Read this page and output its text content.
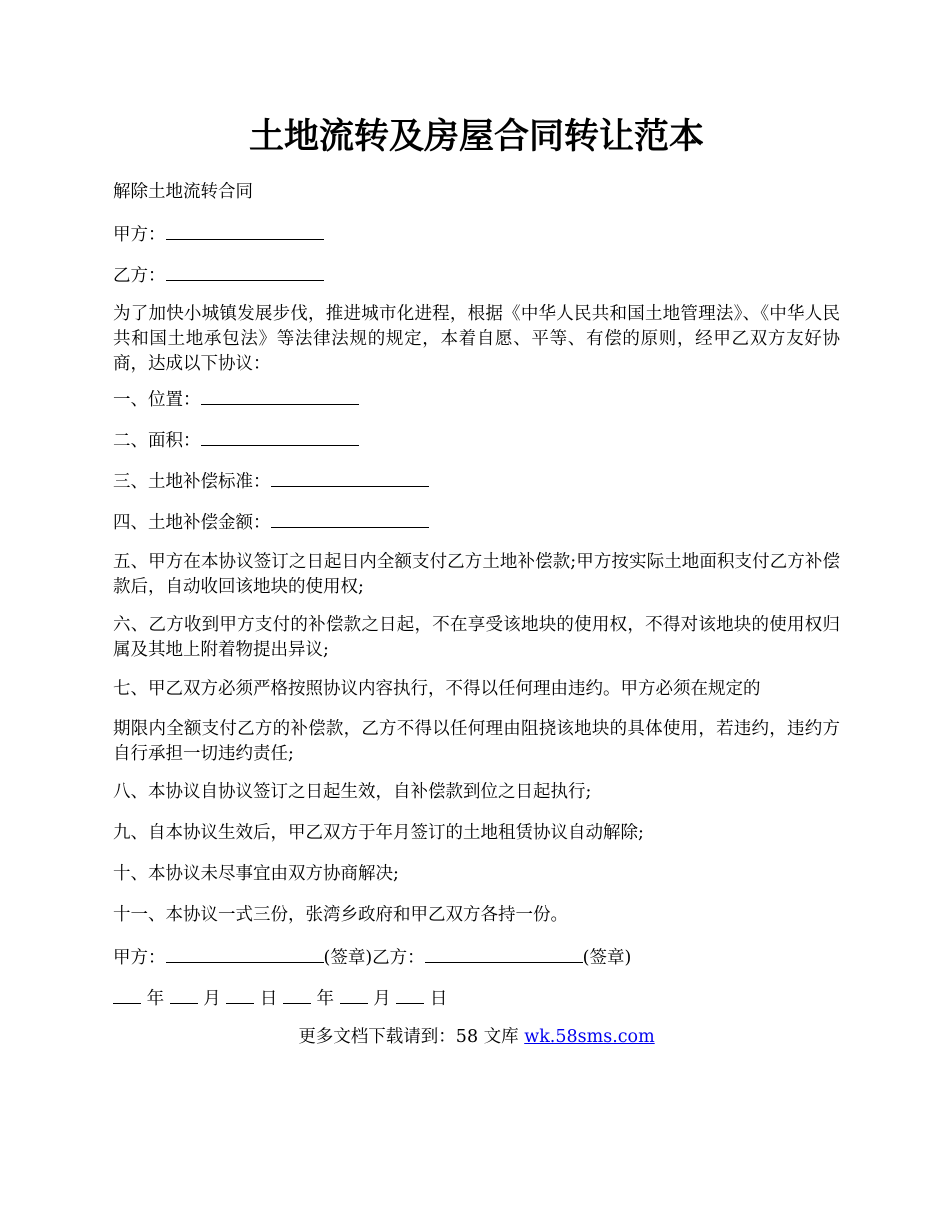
土地流转及房屋合同转让范本

解除土地流转合同

甲方：

乙方：

为了加快小城镇发展步伐，推进城市化进程，根据《中华人民共和国土地管理法》、《中华人民共和国土地承包法》等法律法规的规定，本着自愿、平等、有偿的原则，经甲乙双方友好协商，达成以下协议：

一、位置：

二、面积：

三、土地补偿标准：

四、土地补偿金额：

五、甲方在本协议签订之日起日内全额支付乙方土地补偿款;甲方按实际土地面积支付乙方补偿款后，自动收回该地块的使用权;

六、乙方收到甲方支付的补偿款之日起，不在享受该地块的使用权，不得对该地块的使用权归属及其地上附着物提出异议;

七、甲乙双方必须严格按照协议内容执行，不得以任何理由违约。甲方必须在规定的

期限内全额支付乙方的补偿款，乙方不得以任何理由阻挠该地块的具体使用，若违约，违约方自行承担一切违约责任;

八、本协议自协议签订之日起生效，自补偿款到位之日起执行;

九、自本协议生效后，甲乙双方于年月签订的土地租赁协议自动解除;

十、本协议未尽事宜由双方协商解决;

十一、本协议一式三份，张湾乡政府和甲乙双方各持一份。

甲方：	(签章)乙方：	(签章)

年 月 日 年 月 日

更多文档下载请到：58 文库 wk.58sms.com
